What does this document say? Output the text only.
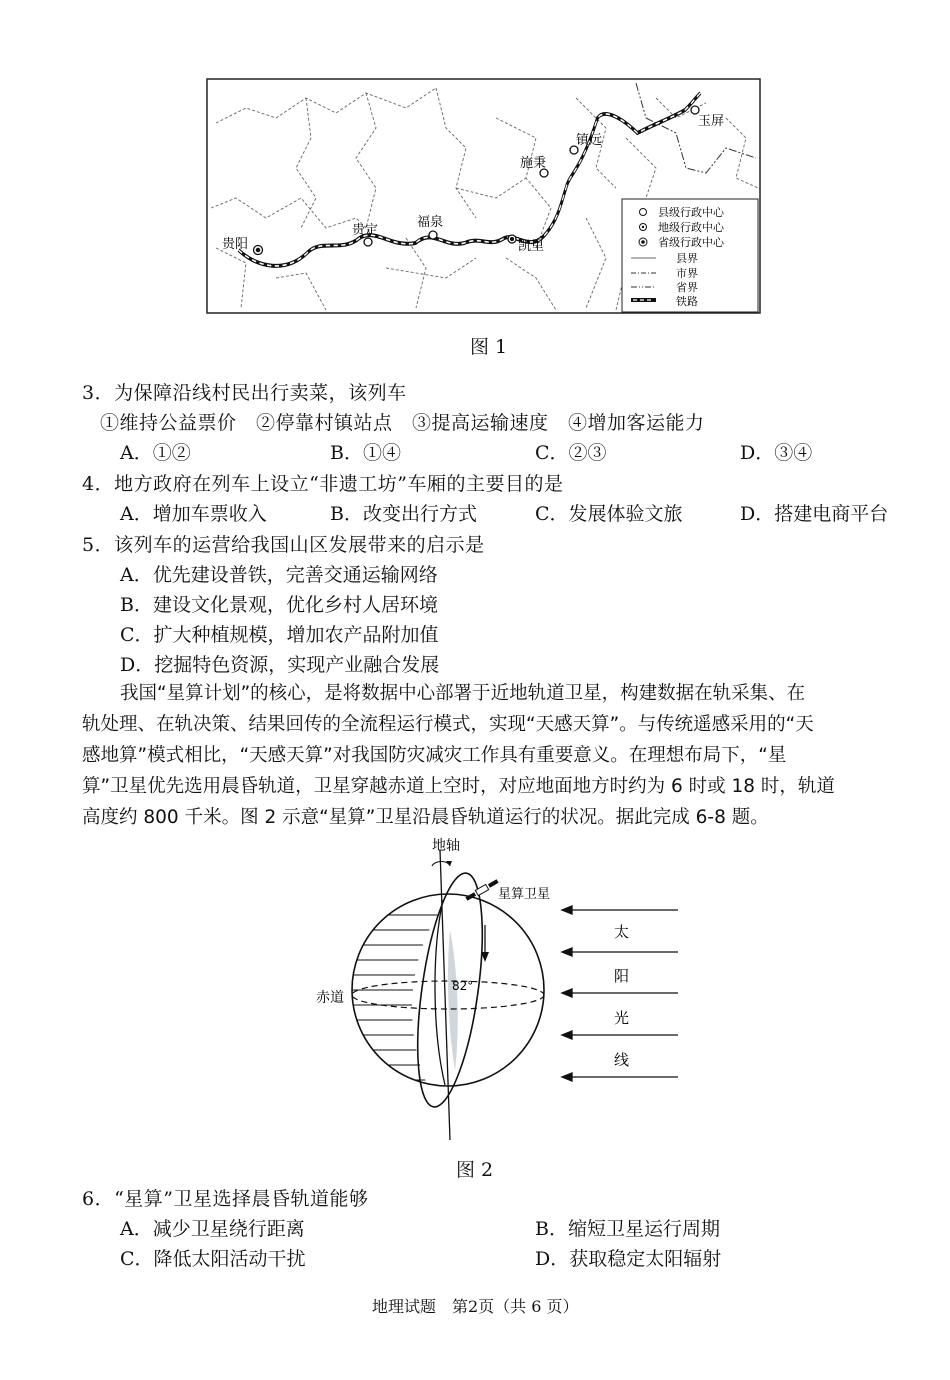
贵阳
贵定
福泉
凯里
施秉
镇远
玉屏
县级行政中心
地级行政中心
省级行政中心
县界
市界
省界
铁路
图 1
3．为保障沿线村民出行卖菜，该列车
①维持公益票价　②停靠村镇站点　③提高运输速度　④增加客运能力
A．①②	B．①④	C．②③	D．③④
4．地方政府在列车上设立“非遗工坊”车厢的主要目的是
A．增加车票收入	B．改变出行方式	C．发展体验文旅	D．搭建电商平台
5．该列车的运营给我国山区发展带来的启示是
A．优先建设普铁，完善交通运输网络
B．建设文化景观，优化乡村人居环境
C．扩大种植规模，增加农产品附加值
D．挖掘特色资源，实现产业融合发展
我国“星算计划”的核心，是将数据中心部署于近地轨道卫星，构建数据在轨采集、在
轨处理、在轨决策、结果回传的全流程运行模式，实现“天感天算”。与传统遥感采用的“天
感地算”模式相比，“天感天算”对我国防灾减灾工作具有重要意义。在理想布局下，“星
算”卫星优先选用晨昏轨道，卫星穿越赤道上空时，对应地面地方时约为 6 时或 18 时，轨道
高度约 800 千米。图 2 示意“星算”卫星沿晨昏轨道运行的状况。据此完成 6-8 题。
地轴
星算卫星
赤道
82°
太
阳
光
线
图 2
6．“星算”卫星选择晨昏轨道能够
A．减少卫星绕行距离	B．缩短卫星运行周期
C．降低太阳活动干扰	D．获取稳定太阳辐射
地理试题　第2页（共 6 页）
